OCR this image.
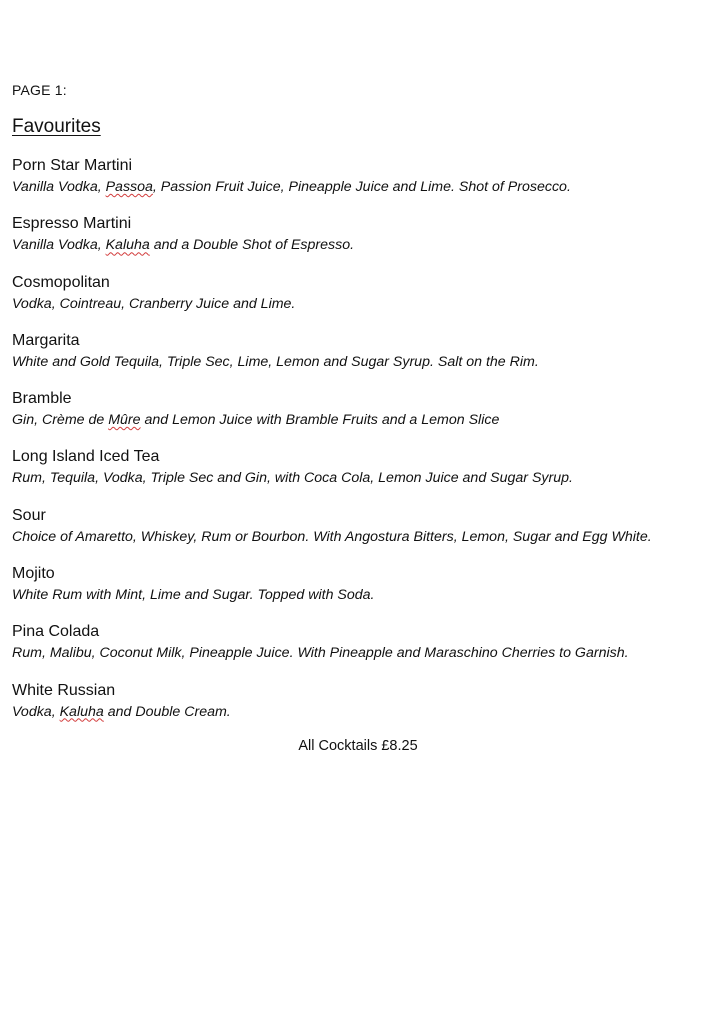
PAGE 1:
Favourites
Porn Star Martini
Vanilla Vodka, Passoa, Passion Fruit Juice, Pineapple Juice and Lime. Shot of Prosecco.
Espresso Martini
Vanilla Vodka, Kaluha and a Double Shot of Espresso.
Cosmopolitan
Vodka, Cointreau, Cranberry Juice and Lime.
Margarita
White and Gold Tequila, Triple Sec, Lime, Lemon and Sugar Syrup. Salt on the Rim.
Bramble
Gin, Crème de Mûre and Lemon Juice with Bramble Fruits and a Lemon Slice
Long Island Iced Tea
Rum, Tequila, Vodka, Triple Sec and Gin, with Coca Cola, Lemon Juice and Sugar Syrup.
Sour
Choice of Amaretto, Whiskey, Rum or Bourbon. With Angostura Bitters, Lemon, Sugar and Egg White.
Mojito
White Rum with Mint, Lime and Sugar. Topped with Soda.
Pina Colada
Rum, Malibu, Coconut Milk, Pineapple Juice. With Pineapple and Maraschino Cherries to Garnish.
White Russian
Vodka, Kaluha and Double Cream.
All Cocktails £8.25
